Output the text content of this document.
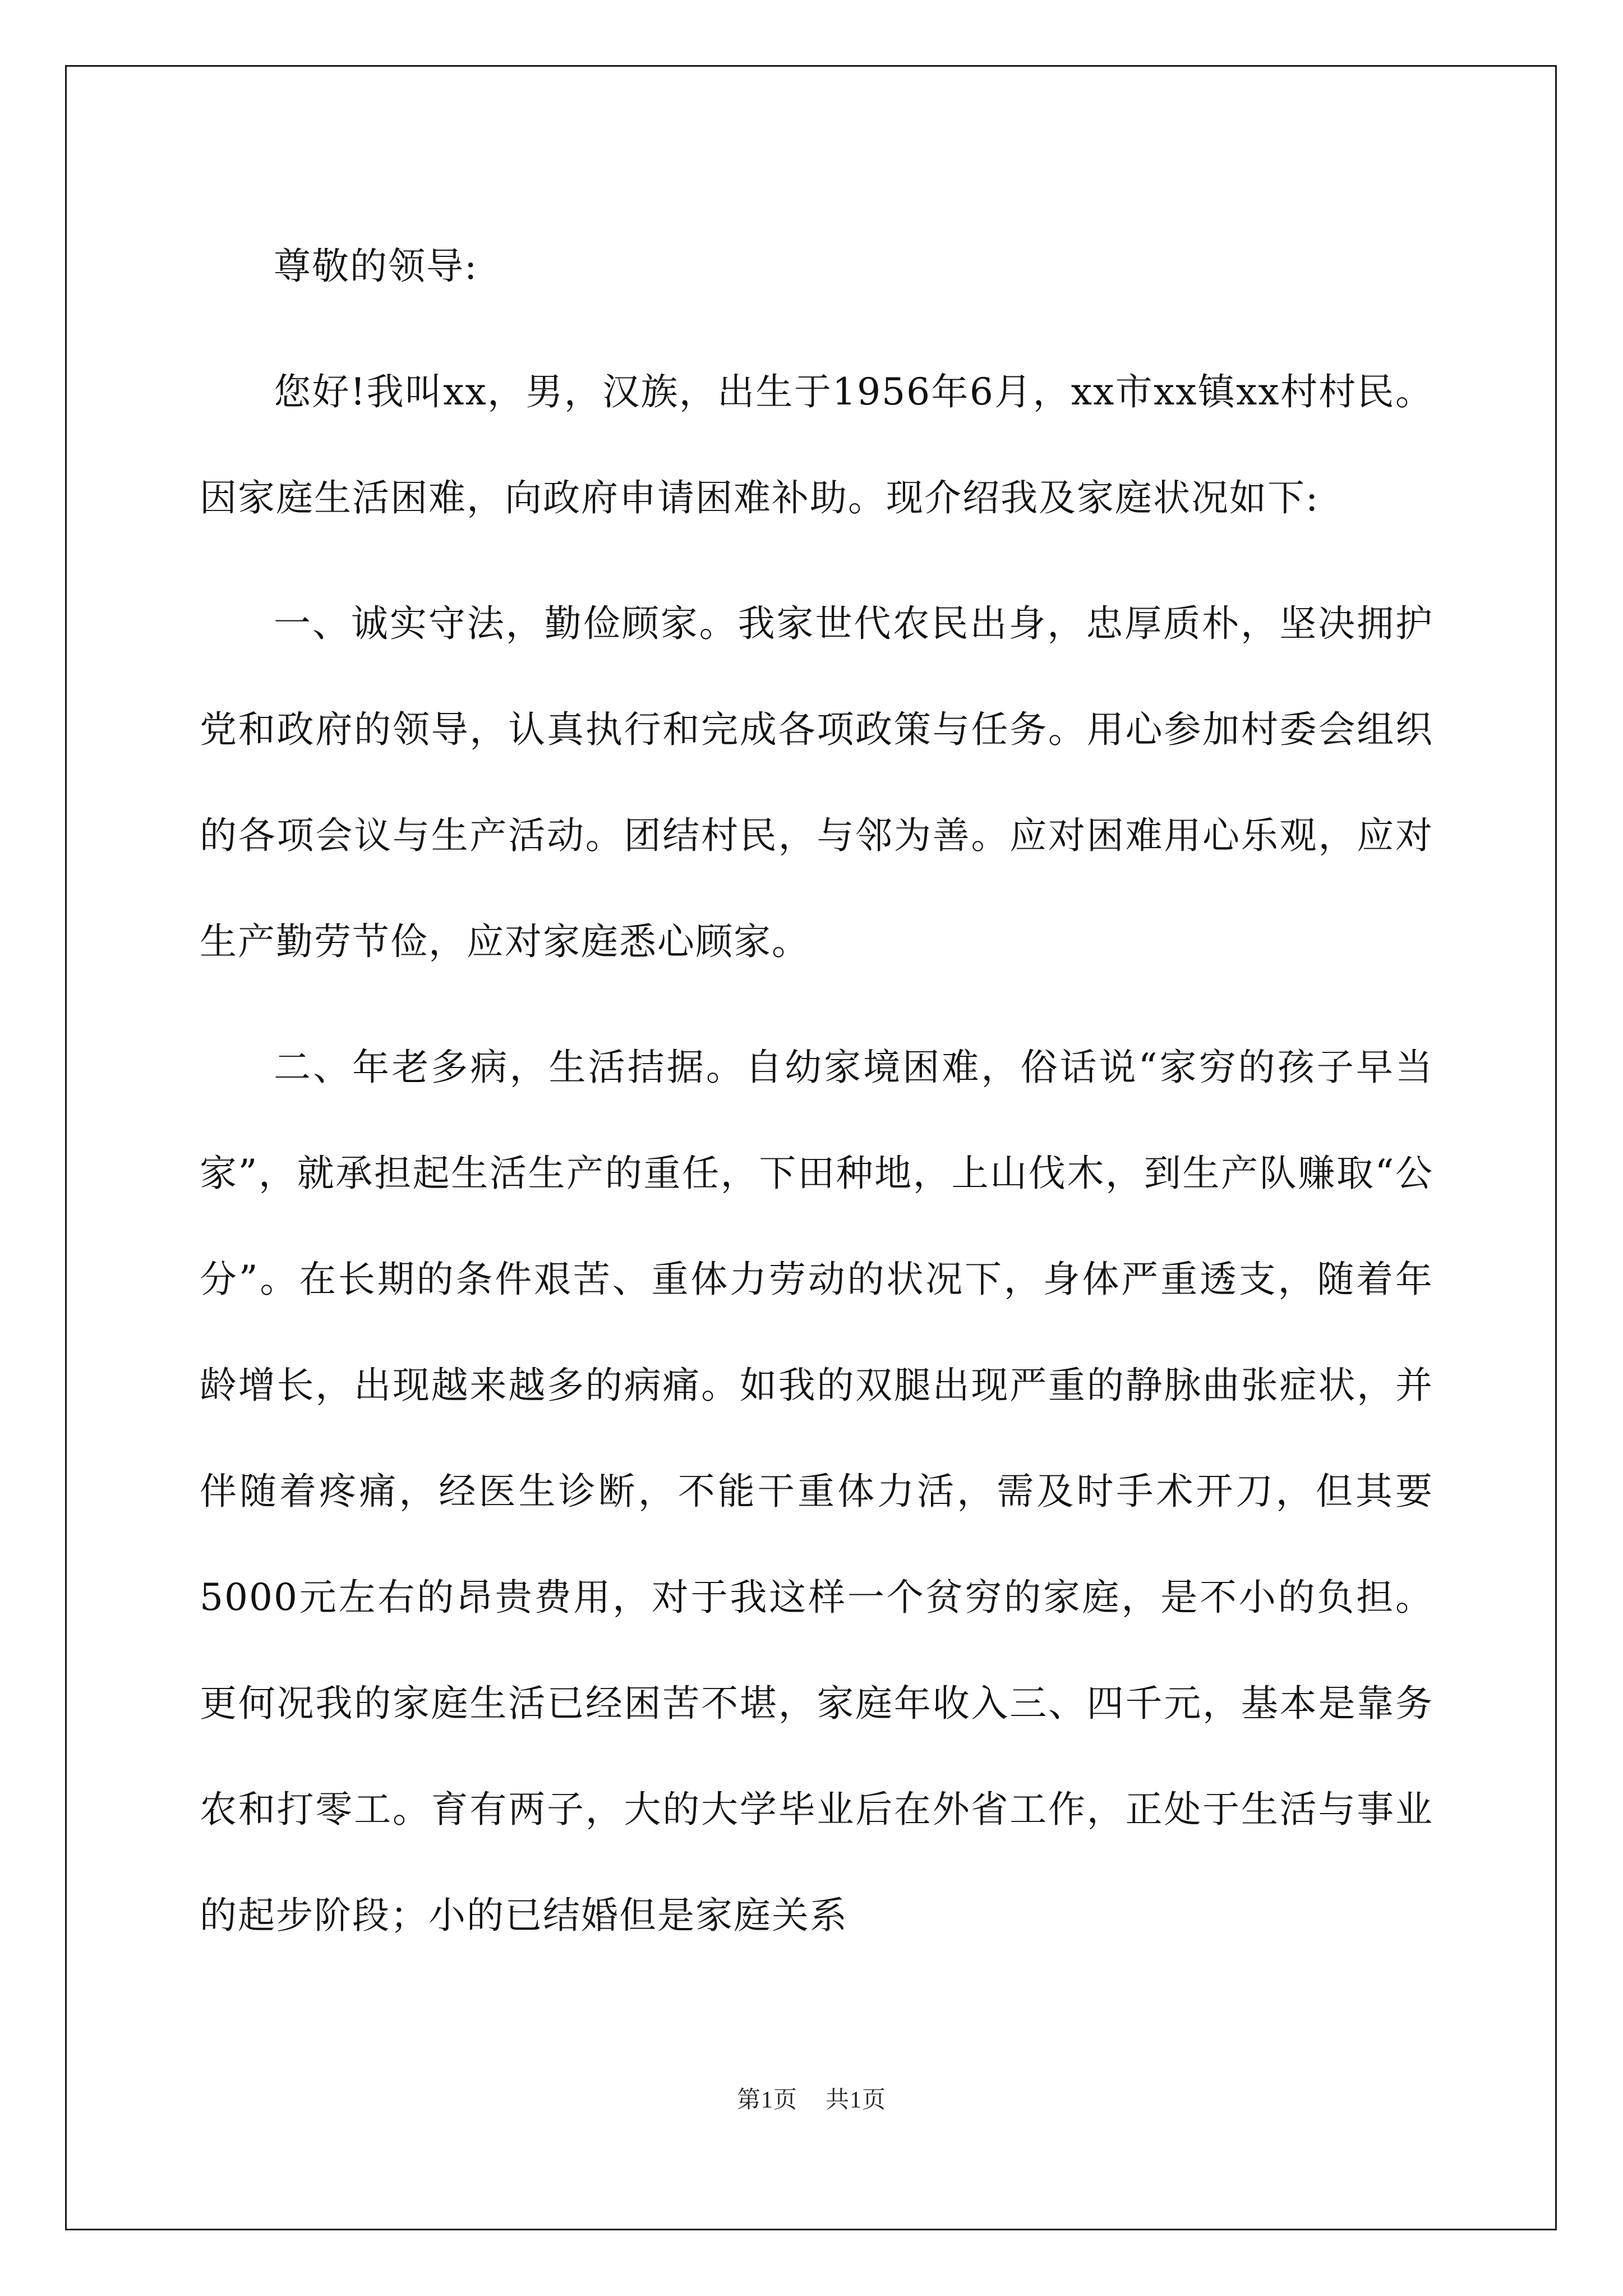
尊敬的领导:

您好!我叫xx，男，汉族，出生于1956年6月，xx市xx镇xx村村民。因家庭生活困难，向政府申请困难补助。现介绍我及家庭状况如下:

一、诚实守法，勤俭顾家。我家世代农民出身，忠厚质朴，坚决拥护党和政府的领导，认真执行和完成各项政策与任务。用心参加村委会组织的各项会议与生产活动。团结村民，与邻为善。应对困难用心乐观，应对生产勤劳节俭，应对家庭悉心顾家。

二、年老多病，生活拮据。自幼家境困难，俗话说“家穷的孩子早当家”，就承担起生活生产的重任，下田种地，上山伐木，到生产队赚取“公分”。在长期的条件艰苦、重体力劳动的状况下，身体严重透支，随着年龄增长，出现越来越多的病痛。如我的双腿出现严重的静脉曲张症状，并伴随着疼痛，经医生诊断，不能干重体力活，需及时手术开刀，但其要5000元左右的昂贵费用，对于我这样一个贫穷的家庭，是不小的负担。更何况我的家庭生活已经困苦不堪，家庭年收入三、四千元，基本是靠务农和打零工。育有两子，大的大学毕业后在外省工作，正处于生活与事业的起步阶段；小的已结婚但是家庭关系

第1页 共1页
